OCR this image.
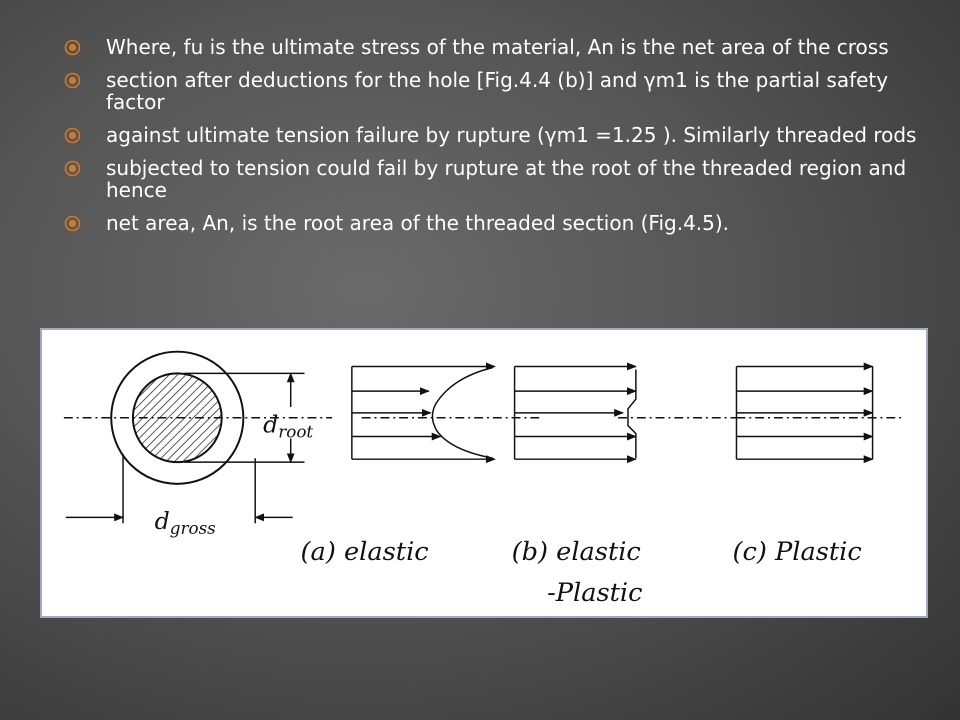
Where, fu is the ultimate stress of the material, An is the net area of the cross
section after deductions for the hole [Fig.4.4 (b)] and γm1 is the partial safety factor
against ultimate tension failure by rupture (γm1 =1.25 ). Similarly threaded rods
subjected to tension could fail by rupture at the root of the threaded region and hence
net area, An, is the root area of the threaded section (Fig.4.5).
$d_{root}$
$d_{gross}$
(a) elastic	(b) elastic
-Plastic
(c) Plastic
